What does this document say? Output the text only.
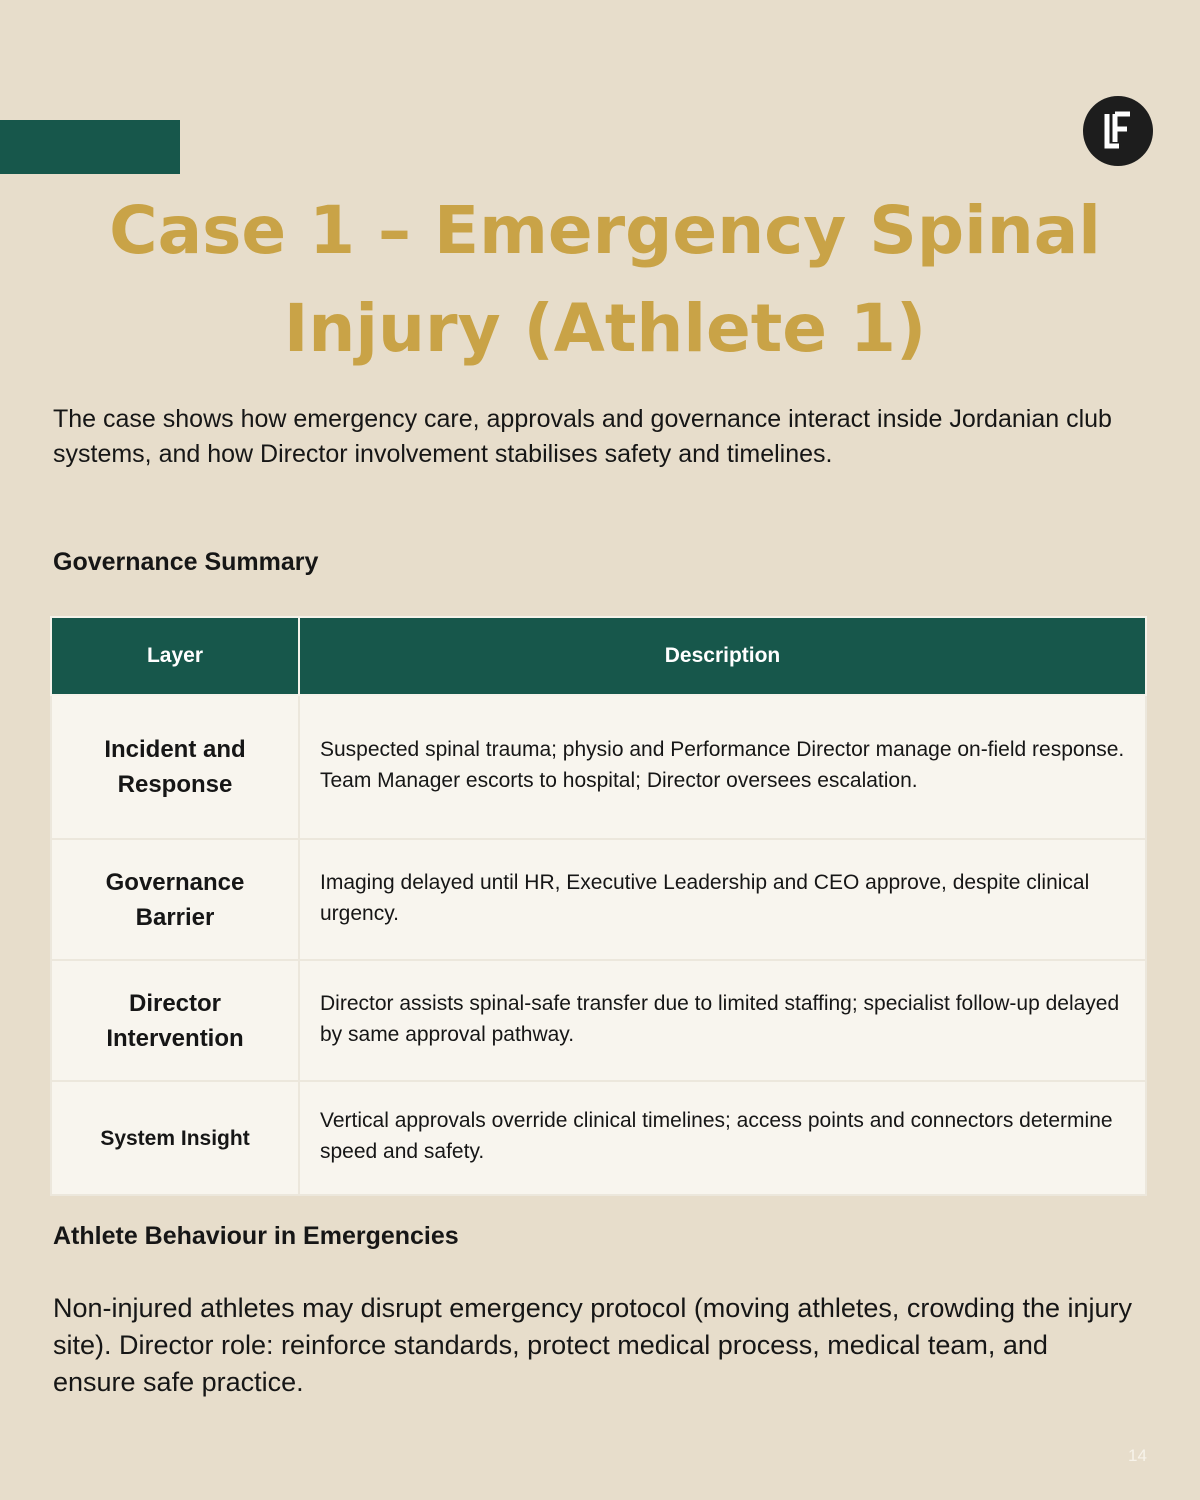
Case 1 – Emergency Spinal
Injury (Athlete 1)

The case shows how emergency care, approvals and governance interact inside Jordanian club systems, and how Director involvement stabilises safety and timelines.

Governance Summary
Layer	Description
Incident and Response	Suspected spinal trauma; physio and Performance Director manage on-field response. Team Manager escorts to hospital; Director oversees escalation.
Governance Barrier	Imaging delayed until HR, Executive Leadership and CEO approve, despite clinical urgency.
Director Intervention	Director assists spinal-safe transfer due to limited staffing; specialist follow-up delayed by same approval pathway.
System Insight	Vertical approvals override clinical timelines; access points and connectors determine speed and safety.
Athlete Behaviour in Emergencies

Non-injured athletes may disrupt emergency protocol (moving athletes, crowding the injury site). Director role: reinforce standards, protect medical process, medical team, and ensure safe practice.

14
